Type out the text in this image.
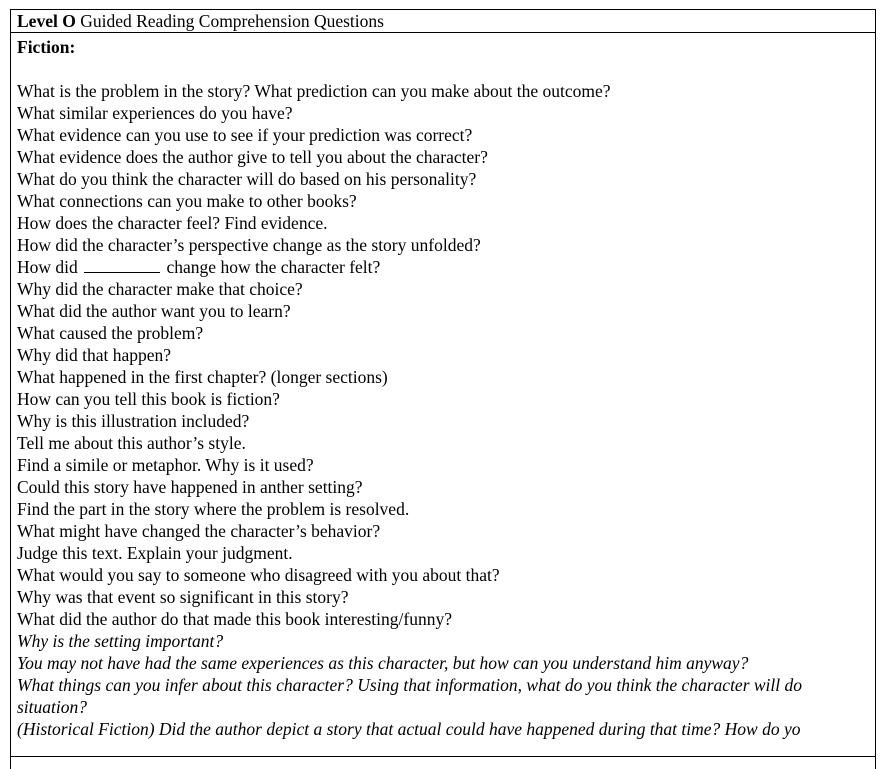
Level O Guided Reading Comprehension Questions
Fiction:
What is the problem in the story? What prediction can you make about the outcome?
What similar experiences do you have?
What evidence can you use to see if your prediction was correct?
What evidence does the author give to tell you about the character?
What do you think the character will do based on his personality?
What connections can you make to other books?
How does the character feel? Find evidence.
How did the character’s perspective change as the story unfolded?
How did	change how the character felt?
Why did the character make that choice?
What did the author want you to learn?
What caused the problem?
Why did that happen?
What happened in the first chapter? (longer sections)
How can you tell this book is fiction?
Why is this illustration included?
Tell me about this author’s style.
Find a simile or metaphor. Why is it used?
Could this story have happened in anther setting?
Find the part in the story where the problem is resolved.
What might have changed the character’s behavior?
Judge this text. Explain your judgment.
What would you say to someone who disagreed with you about that?
Why was that event so significant in this story?
What did the author do that made this book interesting/funny?
Why is the setting important?
You may not have had the same experiences as this character, but how can you understand him anyway?
What things can you infer about this character? Using that information, what do you think the character will do
situation?
(Historical Fiction) Did the author depict a story that actual could have happened during that time? How do yo
